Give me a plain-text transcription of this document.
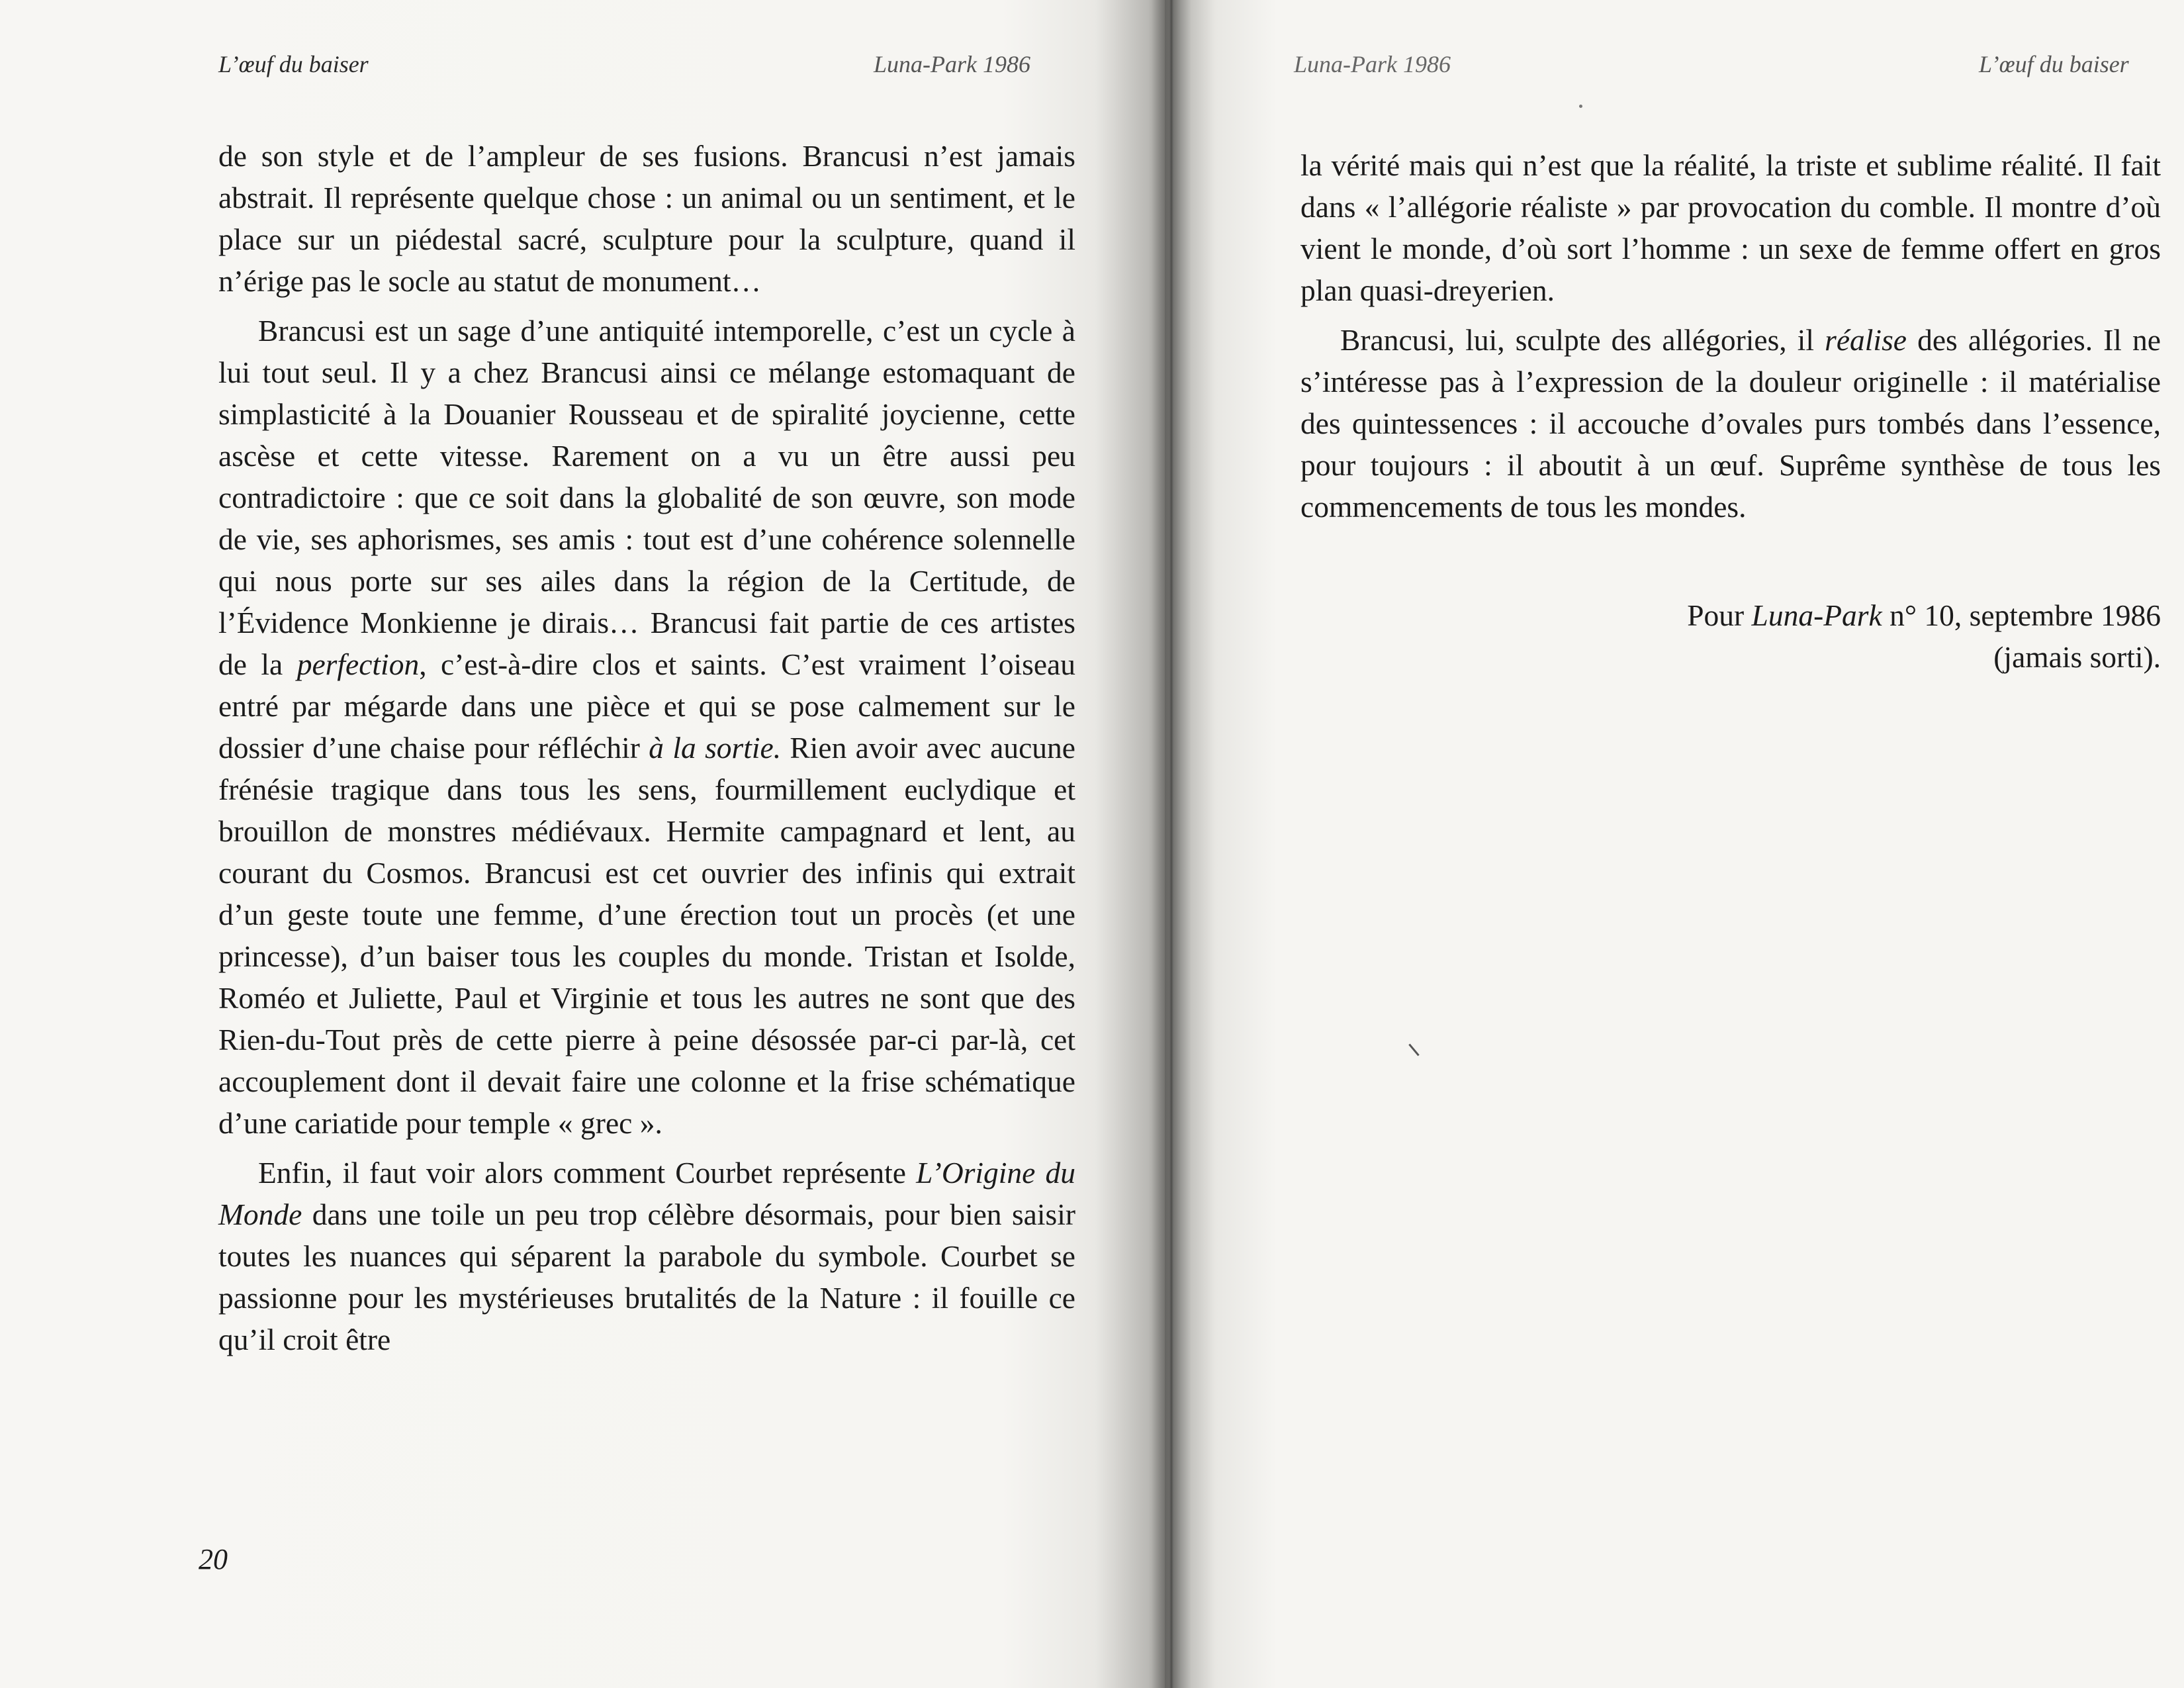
L’œuf du baiser	Luna-Park 1986

de son style et de l’ampleur de ses fusions. Brancusi n’est jamais abstrait. Il représente quelque chose : un animal ou un sentiment, et le place sur un piédestal sacré, sculpture pour la sculpture, quand il n’érige pas le socle au statut de monument…

Brancusi est un sage d’une antiquité intemporelle, c’est un cycle à lui tout seul. Il y a chez Brancusi ainsi ce mélange estomaquant de simplasticité à la Douanier Rousseau et de spiralité joycienne, cette ascèse et cette vitesse. Rarement on a vu un être aussi peu contradictoire : que ce soit dans la globalité de son œuvre, son mode de vie, ses aphorismes, ses amis : tout est d’une cohérence solennelle qui nous porte sur ses ailes dans la région de la Certitude, de l’Évidence Monkienne je dirais… Brancusi fait partie de ces artistes de la perfection, c’est-à-dire clos et saints. C’est vraiment l’oiseau entré par mégarde dans une pièce et qui se pose calmement sur le dossier d’une chaise pour réfléchir à la sortie. Rien avoir avec aucune frénésie tragique dans tous les sens, fourmillement euclydique et brouillon de monstres médiévaux. Hermite campagnard et lent, au courant du Cosmos. Brancusi est cet ouvrier des infinis qui extrait d’un geste toute une femme, d’une érection tout un procès (et une princesse), d’un baiser tous les couples du monde. Tristan et Isolde, Roméo et Juliette, Paul et Virginie et tous les autres ne sont que des Rien-du-Tout près de cette pierre à peine désossée par-ci par-là, cet accouplement dont il devait faire une colonne et la frise schématique d’une cariatide pour temple « grec ».

Enfin, il faut voir alors comment Courbet représente L’Origine du Monde dans une toile un peu trop célèbre désormais, pour bien saisir toutes les nuances qui séparent la parabole du symbole. Courbet se passionne pour les mystérieuses brutalités de la Nature : il fouille ce qu’il croit être

20
Luna-Park 1986	L’œuf du baiser

la vérité mais qui n’est que la réalité, la triste et sublime réalité. Il fait dans « l’allégorie réaliste » par provocation du comble. Il montre d’où vient le monde, d’où sort l’homme : un sexe de femme offert en gros plan quasi-dreyerien.

Brancusi, lui, sculpte des allégories, il réalise des allégories. Il ne s’intéresse pas à l’expression de la douleur originelle : il matérialise des quintessences : il accouche d’ovales purs tombés dans l’essence, pour toujours : il aboutit à un œuf. Suprême synthèse de tous les commencements de tous les mondes.

Pour Luna-Park n° 10, septembre 1986
(jamais sorti).
